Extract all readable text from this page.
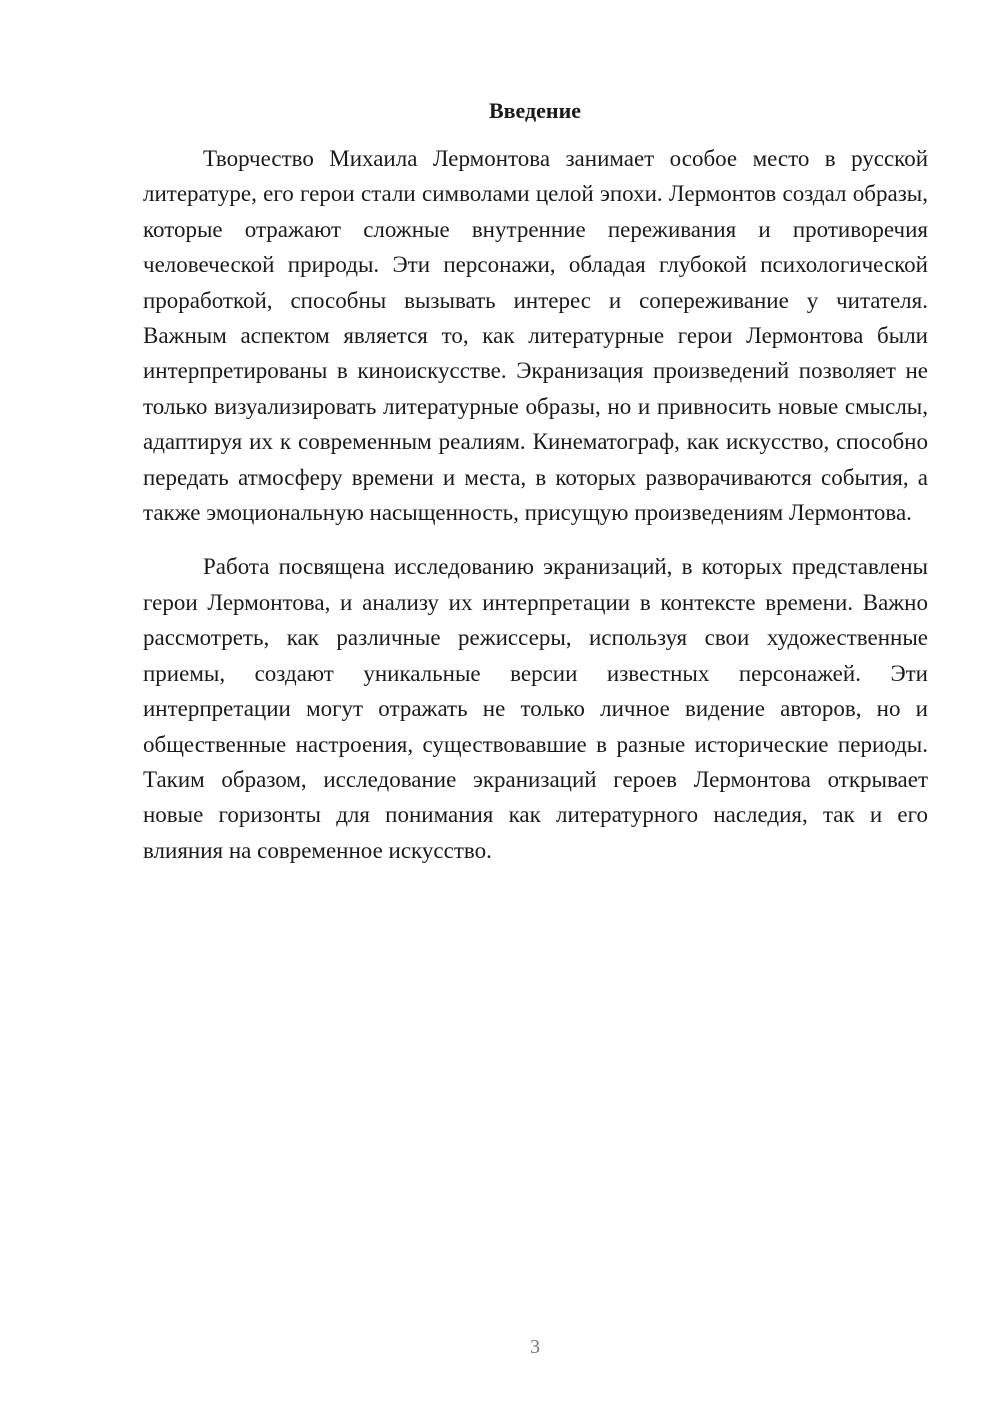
Введение

Творчество Михаила Лермонтова занимает особое место в русской литературе, его герои стали символами целой эпохи. Лермонтов создал образы, которые отражают сложные внутренние переживания и противоречия человеческой природы. Эти персонажи, обладая глубокой психологической проработкой, способны вызывать интерес и сопереживание у читателя. Важным аспектом является то, как литературные герои Лермонтова были интерпретированы в киноискусстве. Экранизация произведений позволяет не только визуализировать литературные образы, но и привносить новые смыслы, адаптируя их к современным реалиям. Кинематограф, как искусство, способно передать атмосферу времени и места, в которых разворачиваются события, а также эмоциональную насыщенность, присущую произведениям Лермонтова.

Работа посвящена исследованию экранизаций, в которых представлены герои Лермонтова, и анализу их интерпретации в контексте времени. Важно рассмотреть, как различные режиссеры, используя свои художественные приемы, создают уникальные версии известных персонажей. Эти интерпретации могут отражать не только личное видение авторов, но и общественные настроения, существовавшие в разные исторические периоды. Таким образом, исследование экранизаций героев Лермонтова открывает новые горизонты для понимания как литературного наследия, так и его влияния на современное искусство.

3
